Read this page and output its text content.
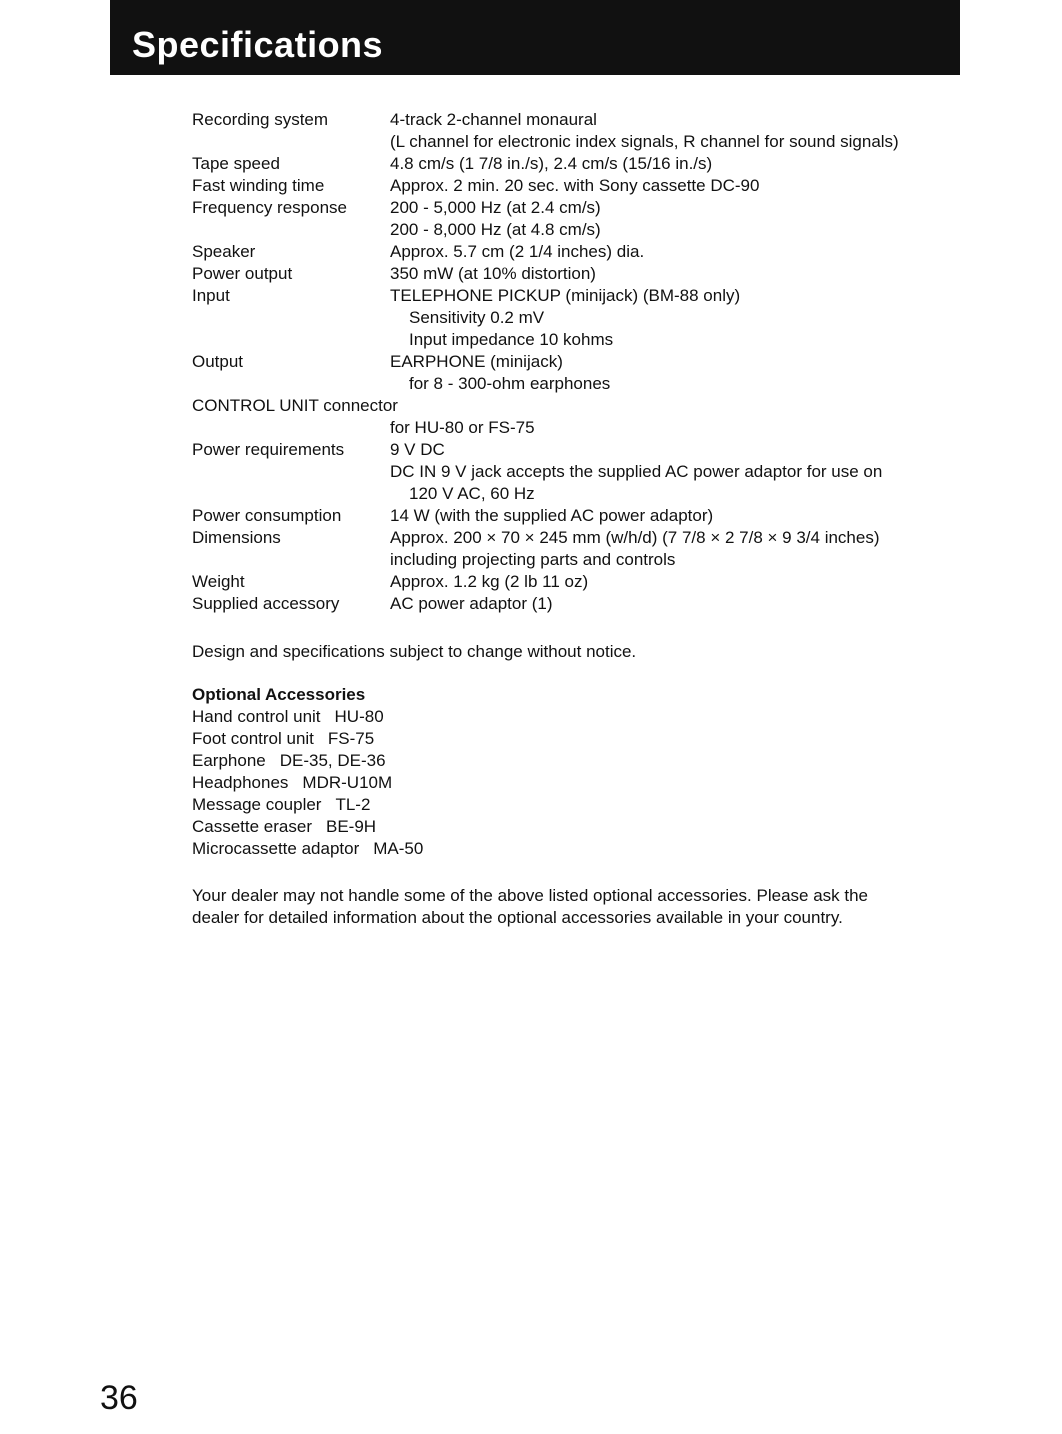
Specifications
Recording system	4-track 2-channel monaural
(L channel for electronic index signals, R channel for sound signals)
Tape speed	4.8 cm/s (1 7/8 in./s), 2.4 cm/s (15/16 in./s)
Fast winding time	Approx. 2 min. 20 sec. with Sony cassette DC-90
Frequency response	200 - 5,000 Hz (at 2.4 cm/s)
200 - 8,000 Hz (at 4.8 cm/s)
Speaker	Approx. 5.7 cm (2 1/4 inches) dia.
Power output	350 mW (at 10% distortion)
Input	TELEPHONE PICKUP (minijack) (BM-88 only)
Sensitivity 0.2 mV
Input impedance 10 kohms
Output	EARPHONE (minijack)
for 8 - 300-ohm earphones
CONTROL UNIT connector
for HU-80 or FS-75
Power requirements	9 V DC
DC IN 9 V jack accepts the supplied AC power adaptor for use on
120 V AC, 60 Hz
Power consumption	14 W (with the supplied AC power adaptor)
Dimensions	Approx. 200 × 70 × 245 mm (w/h/d) (7 7/8 × 2 7/8 × 9 3/4 inches)
including projecting parts and controls
Weight	Approx. 1.2 kg (2 lb 11 oz)
Supplied accessory	AC power adaptor (1)
Design and specifications subject to change without notice.
Optional Accessories
Hand control unit HU-80
Foot control unit FS-75
Earphone DE-35, DE-36
Headphones MDR-U10M
Message coupler TL-2
Cassette eraser BE-9H
Microcassette adaptor MA-50
Your dealer may not handle some of the above listed optional accessories. Please ask the
dealer for detailed information about the optional accessories available in your country.
36
